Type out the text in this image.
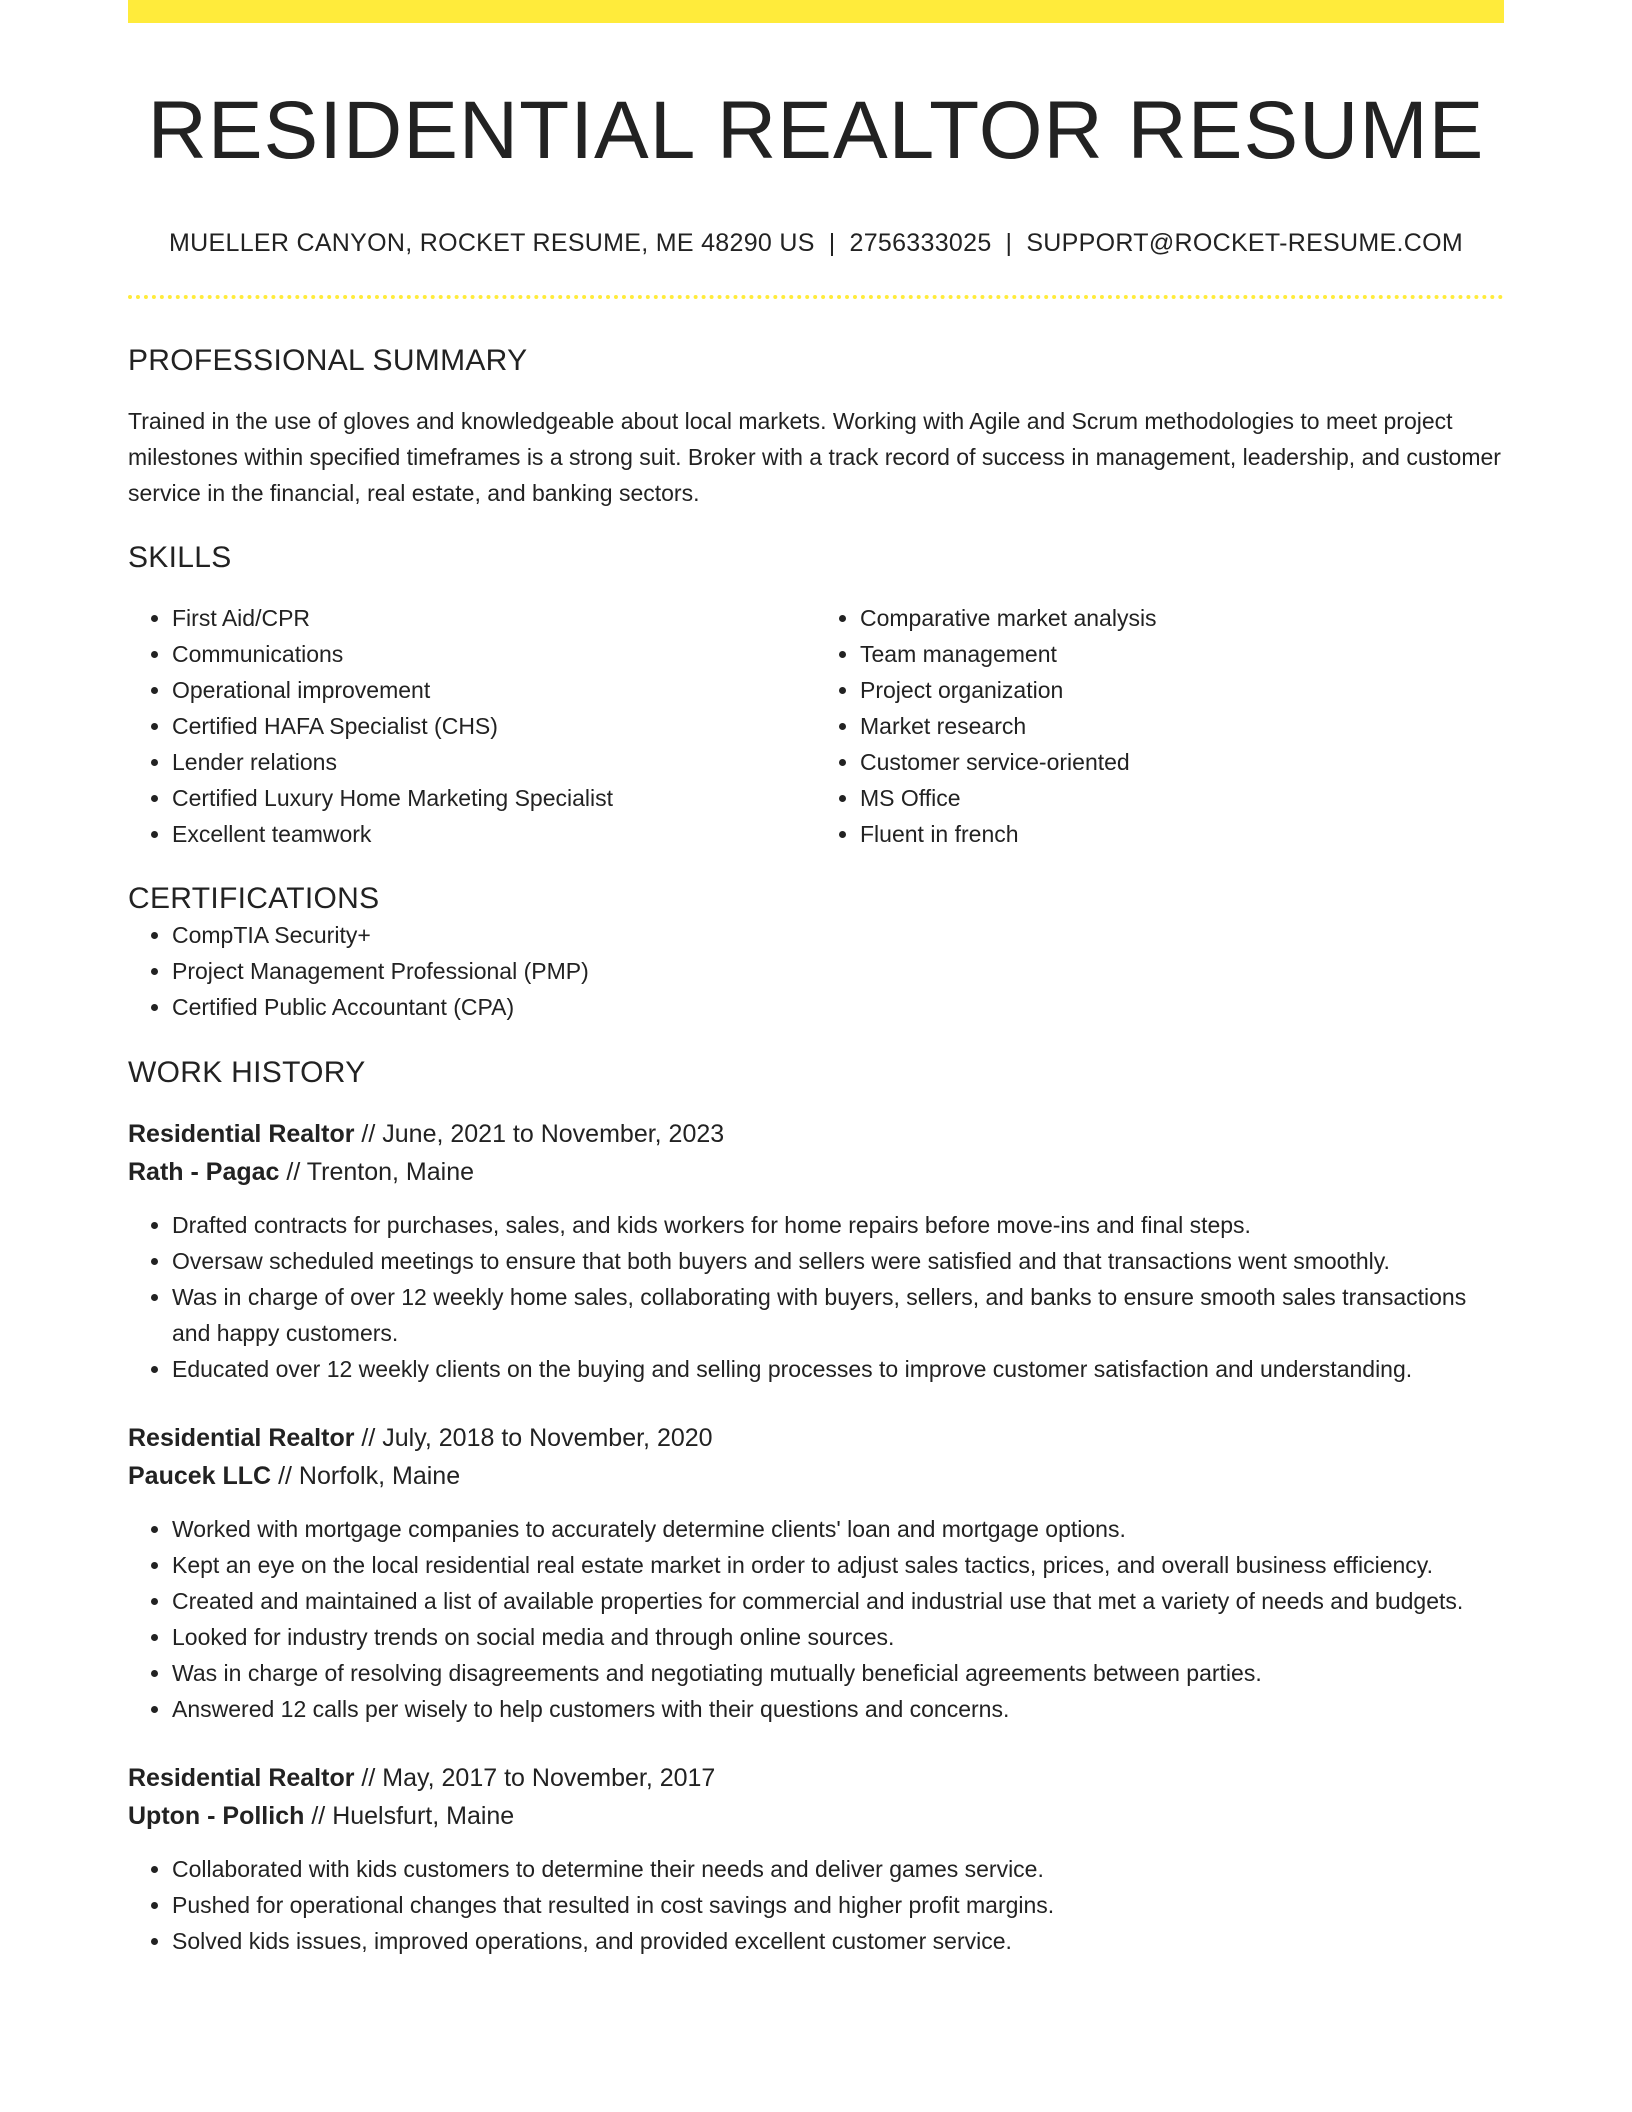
RESIDENTIAL REALTOR RESUME
MUELLER CANYON, ROCKET RESUME, ME 48290 US | 2756333025 | SUPPORT@ROCKET-RESUME.COM
PROFESSIONAL SUMMARY

Trained in the use of gloves and knowledgeable about local markets. Working with Agile and Scrum methodologies to meet project milestones within specified timeframes is a strong suit. Broker with a track record of success in management, leadership, and customer service in the financial, real estate, and banking sectors.

SKILLS
• First Aid/CPR
• Communications
• Operational improvement
• Certified HAFA Specialist (CHS)
• Lender relations
• Certified Luxury Home Marketing Specialist
• Excellent teamwork
• Comparative market analysis
• Team management
• Project organization
• Market research
• Customer service-oriented
• MS Office
• Fluent in french
CERTIFICATIONS
• CompTIA Security+
• Project Management Professional (PMP)
• Certified Public Accountant (CPA)
WORK HISTORY
Residential Realtor // June, 2021 to November, 2023
Rath - Pagac // Trenton, Maine
• Drafted contracts for purchases, sales, and kids workers for home repairs before move-ins and final steps.
• Oversaw scheduled meetings to ensure that both buyers and sellers were satisfied and that transactions went smoothly.
• Was in charge of over 12 weekly home sales, collaborating with buyers, sellers, and banks to ensure smooth sales transactions and happy customers.
• Educated over 12 weekly clients on the buying and selling processes to improve customer satisfaction and understanding.
Residential Realtor // July, 2018 to November, 2020
Paucek LLC // Norfolk, Maine
• Worked with mortgage companies to accurately determine clients' loan and mortgage options.
• Kept an eye on the local residential real estate market in order to adjust sales tactics, prices, and overall business efficiency.
• Created and maintained a list of available properties for commercial and industrial use that met a variety of needs and budgets.
• Looked for industry trends on social media and through online sources.
• Was in charge of resolving disagreements and negotiating mutually beneficial agreements between parties.
• Answered 12 calls per wisely to help customers with their questions and concerns.
Residential Realtor // May, 2017 to November, 2017
Upton - Pollich // Huelsfurt, Maine
• Collaborated with kids customers to determine their needs and deliver games service.
• Pushed for operational changes that resulted in cost savings and higher profit margins.
• Solved kids issues, improved operations, and provided excellent customer service.
